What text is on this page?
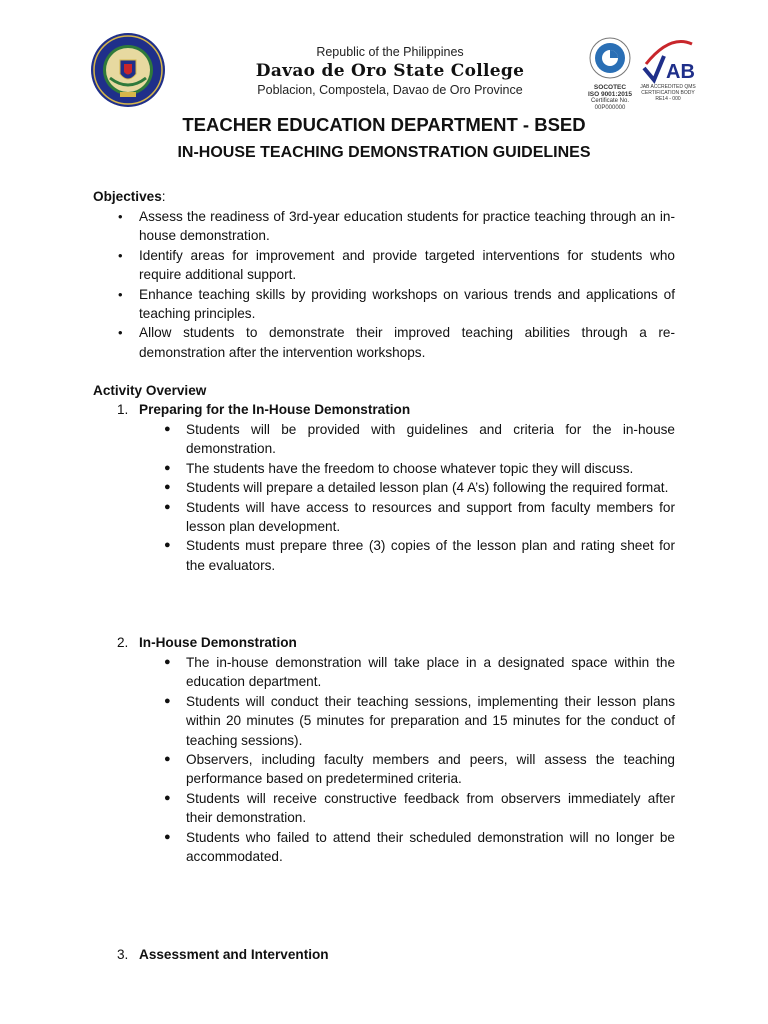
Republic of the Philippines
Davao de Oro State College
Poblacion, Compostela, Davao de Oro Province	SOCOTEC
ISO 9001:2015
Certificate No. 00P000000
AB
JAB ACCREDITED QMS CERTIFICATION BODY
RE14 - 000
TEACHER EDUCATION DEPARTMENT - BSED
IN-HOUSE TEACHING DEMONSTRATION GUIDELINES
Objectives:
• Assess the readiness of 3rd-year education students for practice teaching through an in-house demonstration.
• Identify areas for improvement and provide targeted interventions for students who require additional support.
• Enhance teaching skills by providing workshops on various trends and applications of teaching principles.
• Allow students to demonstrate their improved teaching abilities through a re-demonstration after the intervention workshops.
Activity Overview
1. Preparing for the In-House Demonstration
● Students will be provided with guidelines and criteria for the in-house demonstration.
● The students have the freedom to choose whatever topic they will discuss.
● Students will prepare a detailed lesson plan (4 A’s) following the required format.
● Students will have access to resources and support from faculty members for lesson plan development.
● Students must prepare three (3) copies of the lesson plan and rating sheet for the evaluators.
2. In-House Demonstration
● The in-house demonstration will take place in a designated space within the education department.
● Students will conduct their teaching sessions, implementing their lesson plans within 20 minutes (5 minutes for preparation and 15 minutes for the conduct of teaching sessions).
● Observers, including faculty members and peers, will assess the teaching performance based on predetermined criteria.
● Students will receive constructive feedback from observers immediately after their demonstration.
● Students who failed to attend their scheduled demonstration will no longer be accommodated.
3. Assessment and Intervention
